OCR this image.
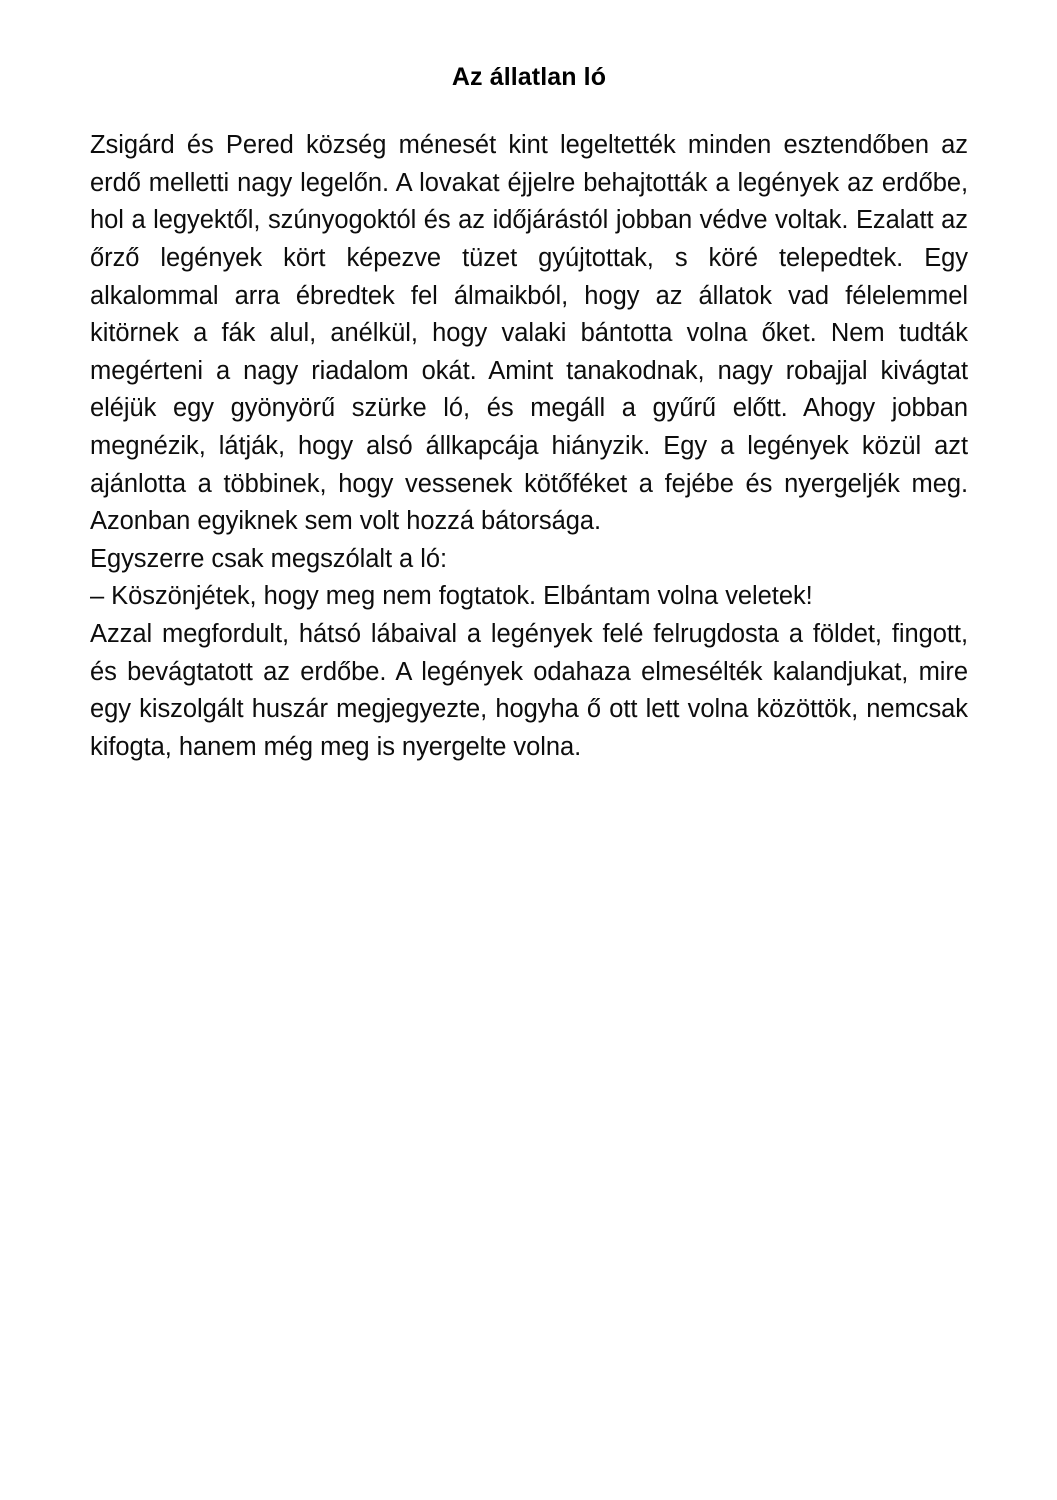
Az állatlan ló

Zsigárd és Pered község ménesét kint legeltették minden esztendőben az erdő melletti nagy legelőn. A lovakat éjjelre behajtották a legények az erdőbe, hol a legyektől, szúnyogoktól és az időjárástól jobban védve voltak. Ezalatt az őrző legények kört képezve tüzet gyújtottak, s köré telepedtek. Egy alkalommal arra ébredtek fel álmaikból, hogy az állatok vad félelemmel kitörnek a fák alul, anélkül, hogy valaki bántotta volna őket. Nem tudták megérteni a nagy riadalom okát. Amint tanakodnak, nagy robajjal kivágtat eléjük egy gyönyörű szürke ló, és megáll a gyűrű előtt. Ahogy jobban megnézik, látják, hogy alsó állkapcája hiányzik. Egy a legények közül azt ajánlotta a többinek, hogy vessenek kötőféket a fejébe és nyergeljék meg. Azonban egyiknek sem volt hozzá bátorsága.

Egyszerre csak megszólalt a ló:

– Köszönjétek, hogy meg nem fogtatok. Elbántam volna veletek!

Azzal megfordult, hátsó lábaival a legények felé felrugdosta a földet, fingott, és bevágtatott az erdőbe. A legények odahaza elmesélték kalandjukat, mire egy kiszolgált huszár megjegyezte, hogyha ő ott lett volna közöttök, nemcsak kifogta, hanem még meg is nyergelte volna.
